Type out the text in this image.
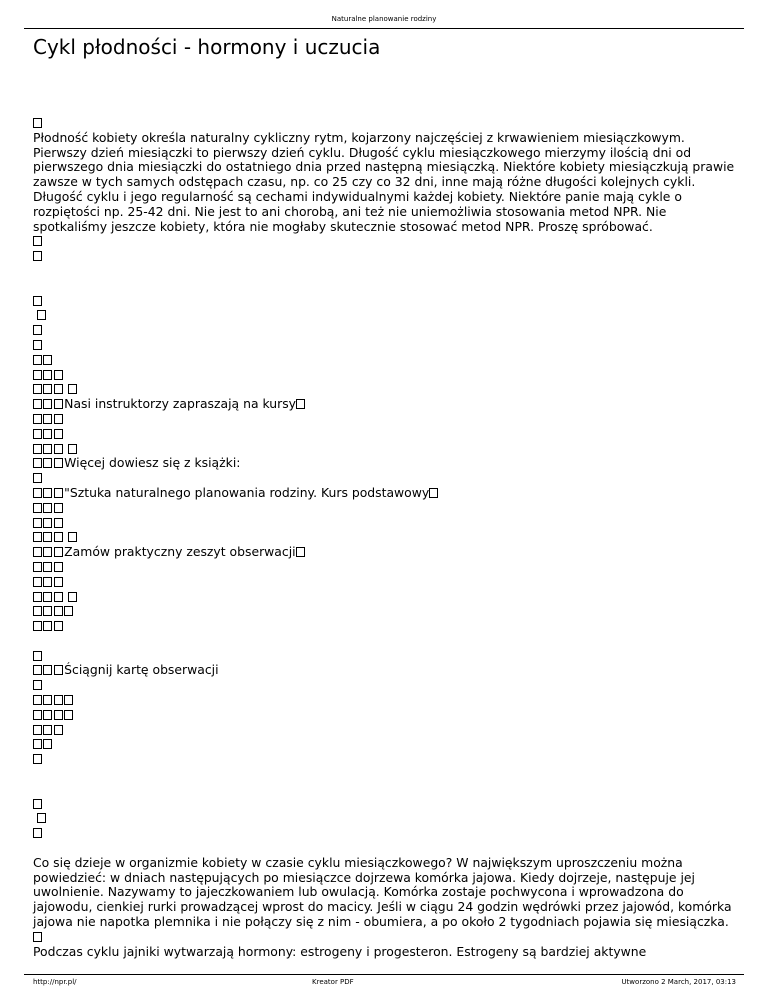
Naturalne planowanie rodziny
Cykl płodności - hormony i uczucia

Płodność kobiety określa naturalny cykliczny rytm, kojarzony najczęściej z krwawieniem miesiączkowym. Pierwszy dzień miesiączki to pierwszy dzień cyklu. Długość cyklu miesiączkowego mierzymy ilością dni od pierwszego dnia miesiączki do ostatniego dnia przed następną miesiączką. Niektóre kobiety miesiączkują prawie zawsze w tych samych odstępach czasu, np. co 25 czy co 32 dni, inne mają różne długości kolejnych cykli. Długość cyklu i jego regularność są cechami indywidualnymi każdej kobiety. Niektóre panie mają cykle o rozpiętości np. 25-42 dni. Nie jest to ani chorobą, ani też nie uniemożliwia stosowania metod NPR. Nie spotkaliśmy jeszcze kobiety, która nie mogłaby skutecznie stosować metod NPR. Proszę spróbować.

Nasi instruktorzy zapraszają na kursy
Więcej dowiesz się z książki:
"Sztuka naturalnego planowania rodziny. Kurs podstawowy
Zamów praktyczny zeszyt obserwacji
Ściągnij kartę obserwacji

Co się dzieje w organizmie kobiety w czasie cyklu miesiączkowego? W największym uproszczeniu można powiedzieć: w dniach następujących po miesiączce dojrzewa komórka jajowa. Kiedy dojrzeje, następuje jej uwolnienie. Nazywamy to jajeczkowaniem lub owulacją. Komórka zostaje pochwycona i wprowadzona do jajowodu, cienkiej rurki prowadzącej wprost do macicy. Jeśli w ciągu 24 godzin wędrówki przez jajowód, komórka jajowa nie napotka plemnika i nie połączy się z nim - obumiera, a po około 2 tygodniach pojawia się miesiączka.

Podczas cyklu jajniki wytwarzają hormony: estrogeny i progesteron. Estrogeny są bardziej aktywne

http://npr.pl/	Kreator PDF	Utworzono 2 March, 2017, 03:13
